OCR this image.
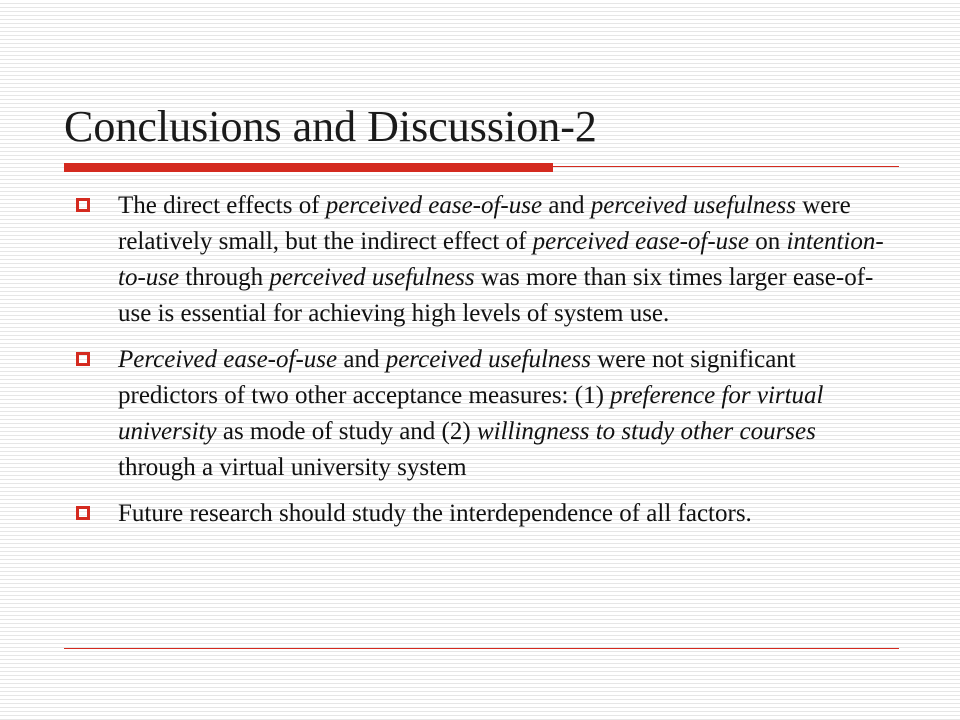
Conclusions and Discussion-2
The direct effects of perceived ease-of-use and perceived usefulness were relatively small, but the indirect effect of perceived ease-of-use on intention-to-use through perceived usefulness was more than six times larger ease-of-use is essential for achieving high levels of system use.
Perceived ease-of-use and perceived usefulness were not significant predictors of two other acceptance measures: (1) preference for virtual university as mode of study and (2) willingness to study other courses through a virtual university system
Future research should study the interdependence of all factors.
